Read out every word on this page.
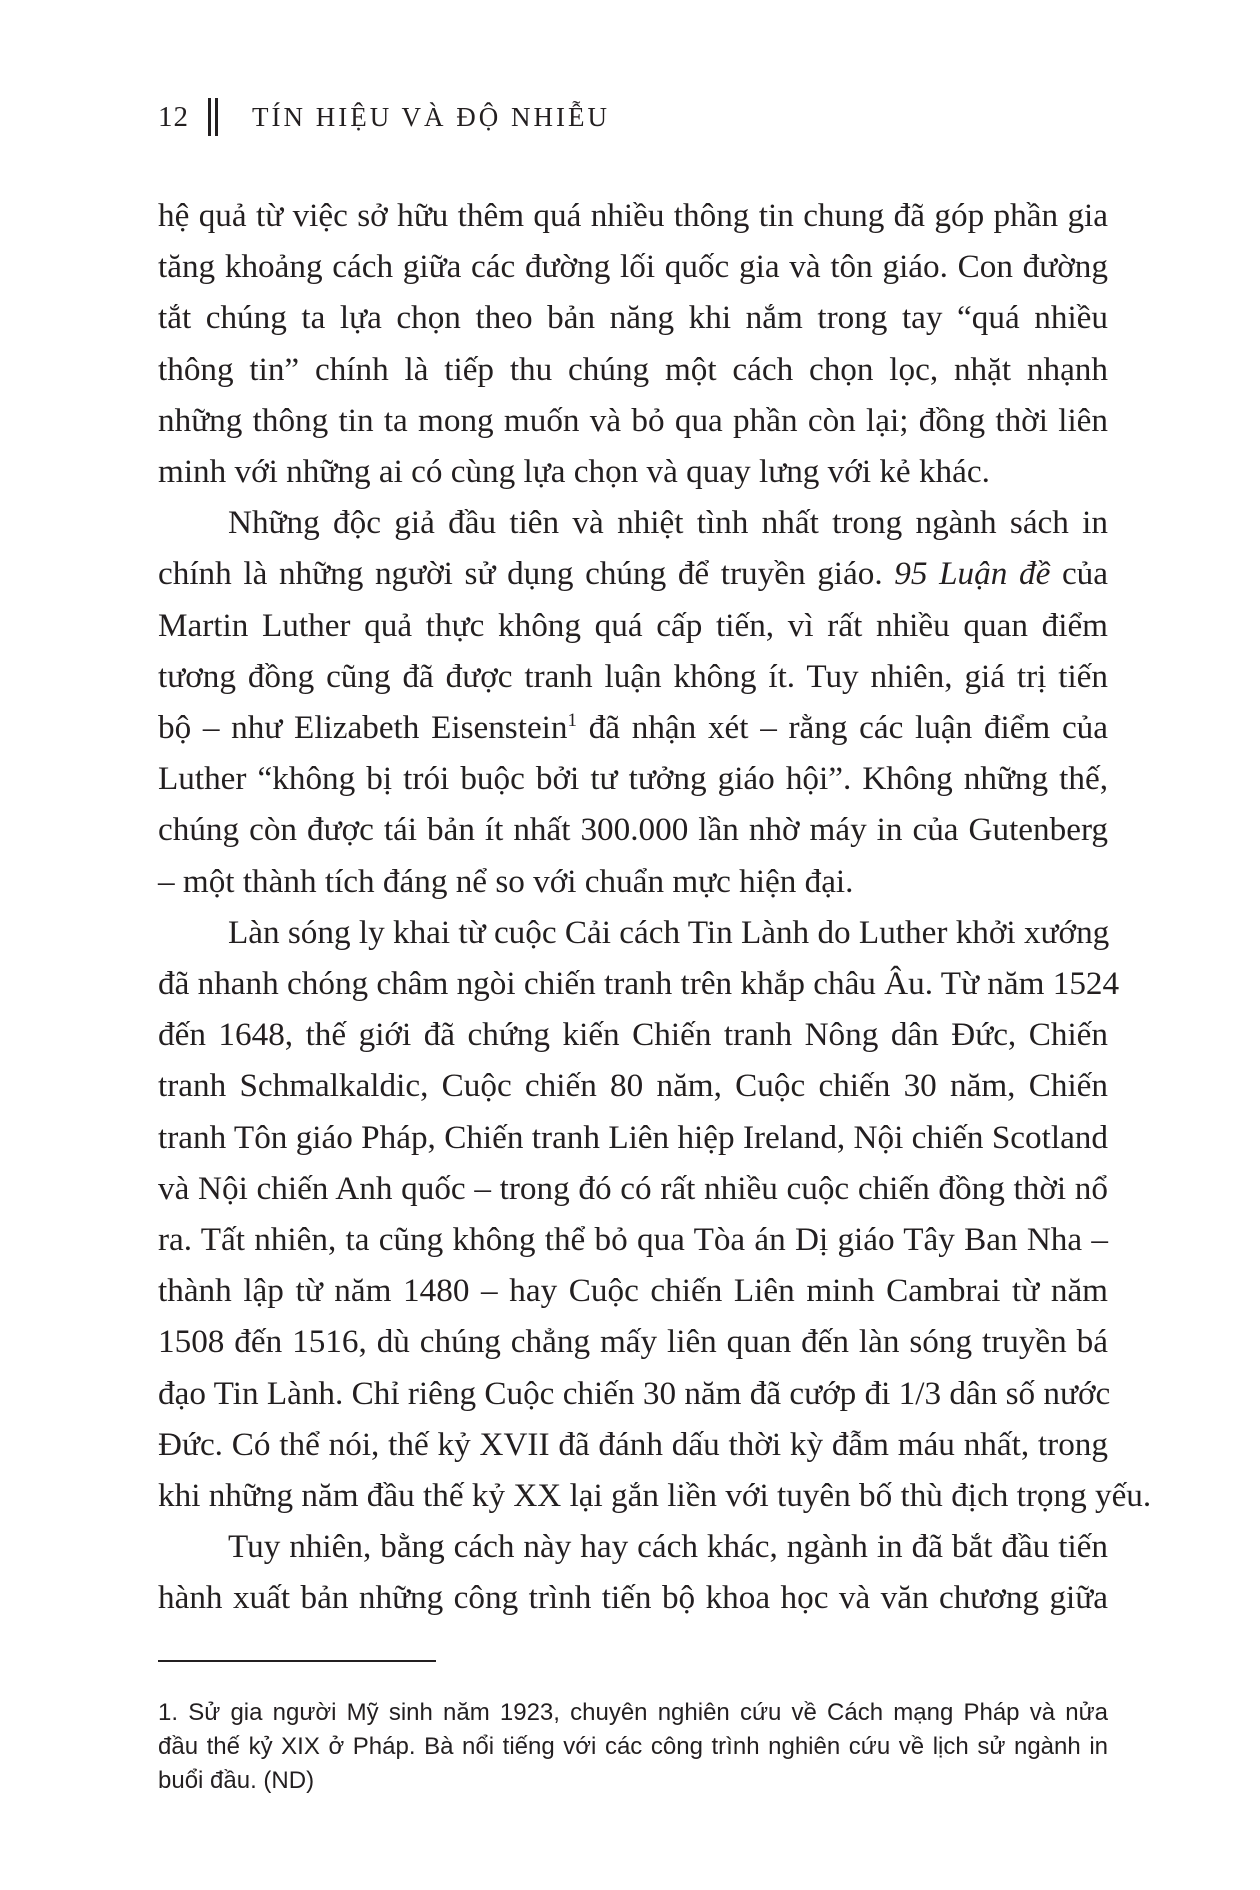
12	TÍN HIỆU VÀ ĐỘ NHIỄU
hệ quả từ việc sở hữu thêm quá nhiều thông tin chung đã góp phần gia
tăng khoảng cách giữa các đường lối quốc gia và tôn giáo. Con đường
tắt chúng ta lựa chọn theo bản năng khi nắm trong tay “quá nhiều
thông tin” chính là tiếp thu chúng một cách chọn lọc, nhặt nhạnh
những thông tin ta mong muốn và bỏ qua phần còn lại; đồng thời liên
minh với những ai có cùng lựa chọn và quay lưng với kẻ khác.
Những độc giả đầu tiên và nhiệt tình nhất trong ngành sách in
chính là những người sử dụng chúng để truyền giáo. 95 Luận đề của
Martin Luther quả thực không quá cấp tiến, vì rất nhiều quan điểm
tương đồng cũng đã được tranh luận không ít. Tuy nhiên, giá trị tiến
bộ – như Elizabeth Eisenstein$^1$ đã nhận xét – rằng các luận điểm của
Luther “không bị trói buộc bởi tư tưởng giáo hội”. Không những thế,
chúng còn được tái bản ít nhất 300.000 lần nhờ máy in của Gutenberg
– một thành tích đáng nể so với chuẩn mực hiện đại.
Làn sóng ly khai từ cuộc Cải cách Tin Lành do Luther khởi xướng
đã nhanh chóng châm ngòi chiến tranh trên khắp châu Âu. Từ năm 1524
đến 1648, thế giới đã chứng kiến Chiến tranh Nông dân Đức, Chiến
tranh Schmalkaldic, Cuộc chiến 80 năm, Cuộc chiến 30 năm, Chiến
tranh Tôn giáo Pháp, Chiến tranh Liên hiệp Ireland, Nội chiến Scotland
và Nội chiến Anh quốc – trong đó có rất nhiều cuộc chiến đồng thời nổ
ra. Tất nhiên, ta cũng không thể bỏ qua Tòa án Dị giáo Tây Ban Nha –
thành lập từ năm 1480 – hay Cuộc chiến Liên minh Cambrai từ năm
1508 đến 1516, dù chúng chẳng mấy liên quan đến làn sóng truyền bá
đạo Tin Lành. Chỉ riêng Cuộc chiến 30 năm đã cướp đi 1/3 dân số nước
Đức. Có thể nói, thế kỷ XVII đã đánh dấu thời kỳ đẫm máu nhất, trong
khi những năm đầu thế kỷ XX lại gắn liền với tuyên bố thù địch trọng yếu.
Tuy nhiên, bằng cách này hay cách khác, ngành in đã bắt đầu tiến
hành xuất bản những công trình tiến bộ khoa học và văn chương giữa
1. Sử gia người Mỹ sinh năm 1923, chuyên nghiên cứu về Cách mạng Pháp và nửa
đầu thế kỷ XIX ở Pháp. Bà nổi tiếng với các công trình nghiên cứu về lịch sử ngành in
buổi đầu. (ND)
